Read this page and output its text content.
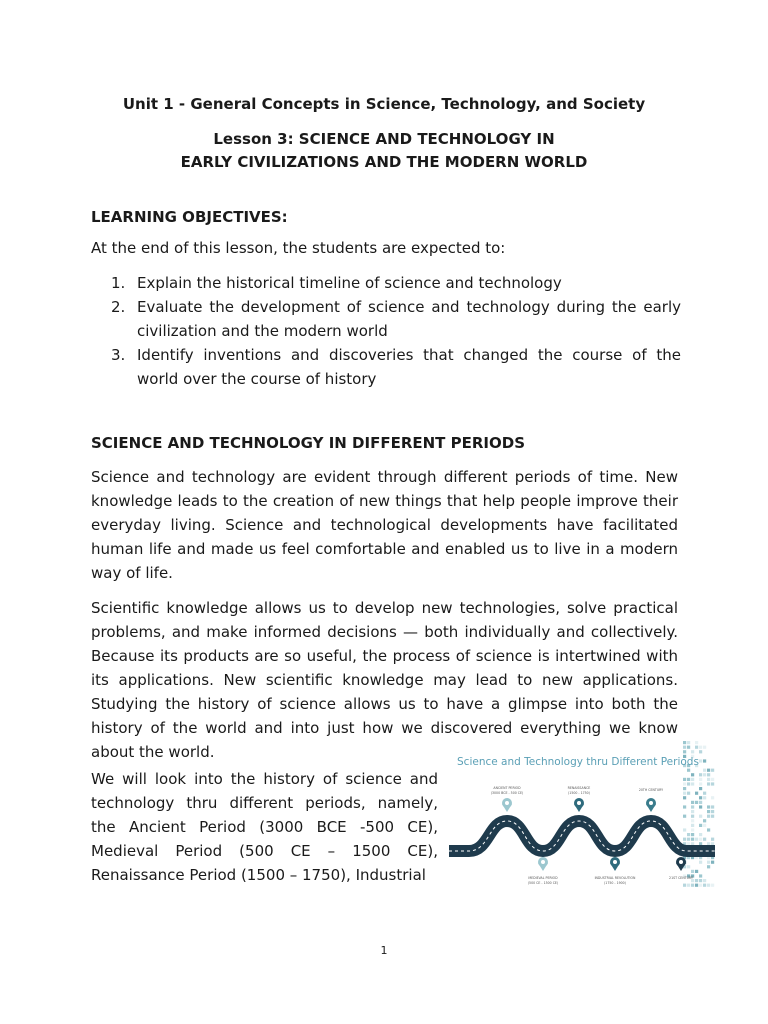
Unit 1 - General Concepts in Science, Technology, and Society
Lesson 3: SCIENCE AND TECHNOLOGY IN
EARLY CIVILIZATIONS AND THE MODERN WORLD
LEARNING OBJECTIVES:
At the end of this lesson, the students are expected to:
1. Explain the historical timeline of science and technology
2. Evaluate the development of science and technology during the early civilization and the modern world
3. Identify inventions and discoveries that changed the course of the world over the course of history
SCIENCE AND TECHNOLOGY IN DIFFERENT PERIODS

Science and technology are evident through different periods of time. New knowledge leads to the creation of new things that help people improve their everyday living. Science and technological developments have facilitated human life and made us feel comfortable and enabled us to live in a modern way of life.

Scientific knowledge allows us to develop new technologies, solve practical problems, and make informed decisions — both individually and collectively. Because its products are so useful, the process of science is intertwined with its applications. New scientific knowledge may lead to new applications. Studying the history of science allows us to have a glimpse into both the history of the world and into just how we discovered everything we know about the world.

We will look into the history of science and technology thru different periods, namely, the Ancient Period (3000 BCE -500 CE), Medieval Period (500 CE – 1500 CE), Renaissance Period (1500 – 1750), Industrial

ANCIENT PERIOD
(3000 BCE - 500 CE)
RENAISSANCE
(1500 - 1750)
20TH CENTURY
MEDIEVAL PERIOD
(500 CE - 1500 CE)
INDUSTRIAL REVOLUTION
(1750 - 1900)
21ST CENTURY
Science and Technology thru Different Periods
1
